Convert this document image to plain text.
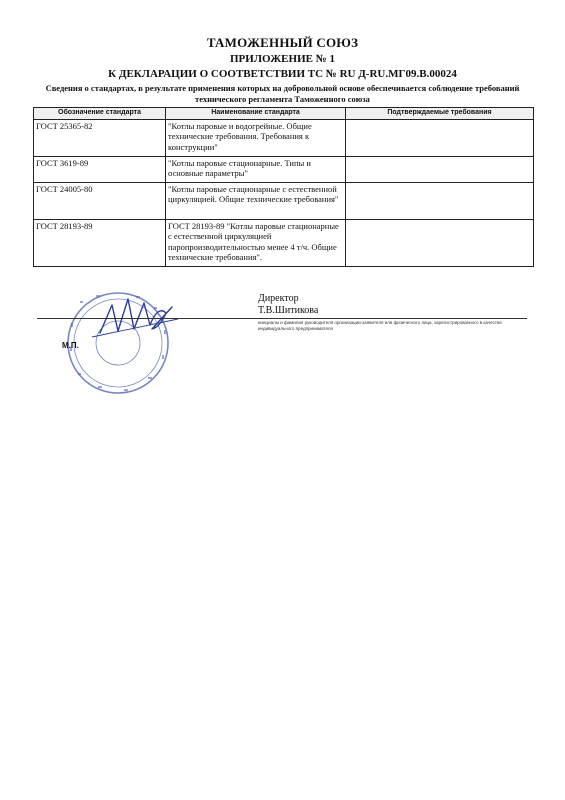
ТАМОЖЕННЫЙ СОЮЗ
ПРИЛОЖЕНИЕ № 1
К ДЕКЛАРАЦИИ О СООТВЕТСТВИИ ТС № RU Д-RU.МГ09.В.00024
Сведения о стандартах, в результате применения которых на добровольной основе обеспечивается соблюдение требований технического регламента Таможенного союза
Обозначение стандарта	Наименование стандарта	Подтверждаемые требования
ГОСТ 25365-82	"Котлы паровые и водогрейные. Общие технические требования. Требования к конструкции"	
ГОСТ 3619-89	"Котлы паровые стационарные. Типы и основные параметры"	
ГОСТ 24005-80	"Котлы паровые стационарные с естественной циркуляцией. Общие технические требования"	
ГОСТ 28193-89	ГОСТ 28193-89 "Котлы паровые стационарные с естественной циркуляцией паропроизводительностью менее 4 т/ч. Общие технические требования".	
Директор
Т.В.Шитикова
инициалы и фамилия руководителя организации-заявителя или физического лица, зарегистрированного в качестве индивидуального предпринимателя
М.П.
